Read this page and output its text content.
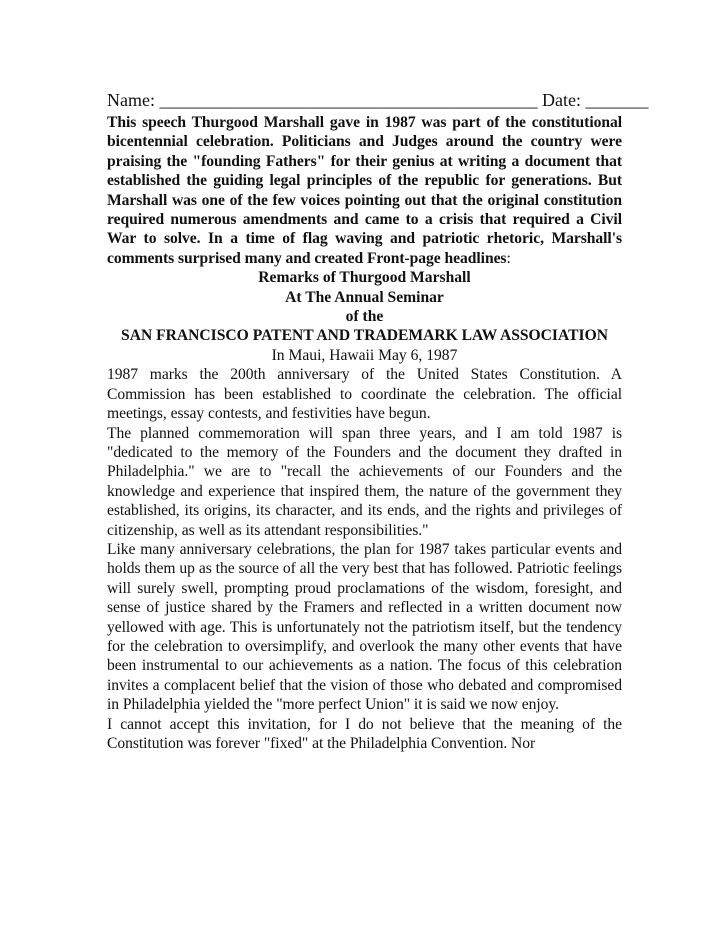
Name: __________________________________________ Date: _______

This speech Thurgood Marshall gave in 1987 was part of the constitutional bicentennial celebration. Politicians and Judges around the country were praising the "founding Fathers" for their genius at writing a document that established the guiding legal principles of the republic for generations. But Marshall was one of the few voices pointing out that the original constitution required numerous amendments and came to a crisis that required a Civil War to solve. In a time of flag waving and patriotic rhetoric, Marshall's comments surprised many and created Front-page headlines:

Remarks of Thurgood Marshall

At The Annual Seminar

of the

SAN FRANCISCO PATENT AND TRADEMARK LAW ASSOCIATION

In Maui, Hawaii May 6, 1987

1987 marks the 200th anniversary of the United States Constitution. A Commission has been established to coordinate the celebration. The official meetings, essay contests, and festivities have begun.

The planned commemoration will span three years, and I am told 1987 is "dedicated to the memory of the Founders and the document they drafted in Philadelphia." we are to "recall the achievements of our Founders and the knowledge and experience that inspired them, the nature of the government they established, its origins, its character, and its ends, and the rights and privileges of citizenship, as well as its attendant responsibilities."

Like many anniversary celebrations, the plan for 1987 takes particular events and holds them up as the source of all the very best that has followed. Patriotic feelings will surely swell, prompting proud proclamations of the wisdom, foresight, and sense of justice shared by the Framers and reflected in a written document now yellowed with age. This is unfortunately not the patriotism itself, but the tendency for the celebration to oversimplify, and overlook the many other events that have been instrumental to our achievements as a nation. The focus of this celebration invites a complacent belief that the vision of those who debated and compromised in Philadelphia yielded the "more perfect Union" it is said we now enjoy.

I cannot accept this invitation, for I do not believe that the meaning of the Constitution was forever "fixed" at the Philadelphia Convention. Nor
